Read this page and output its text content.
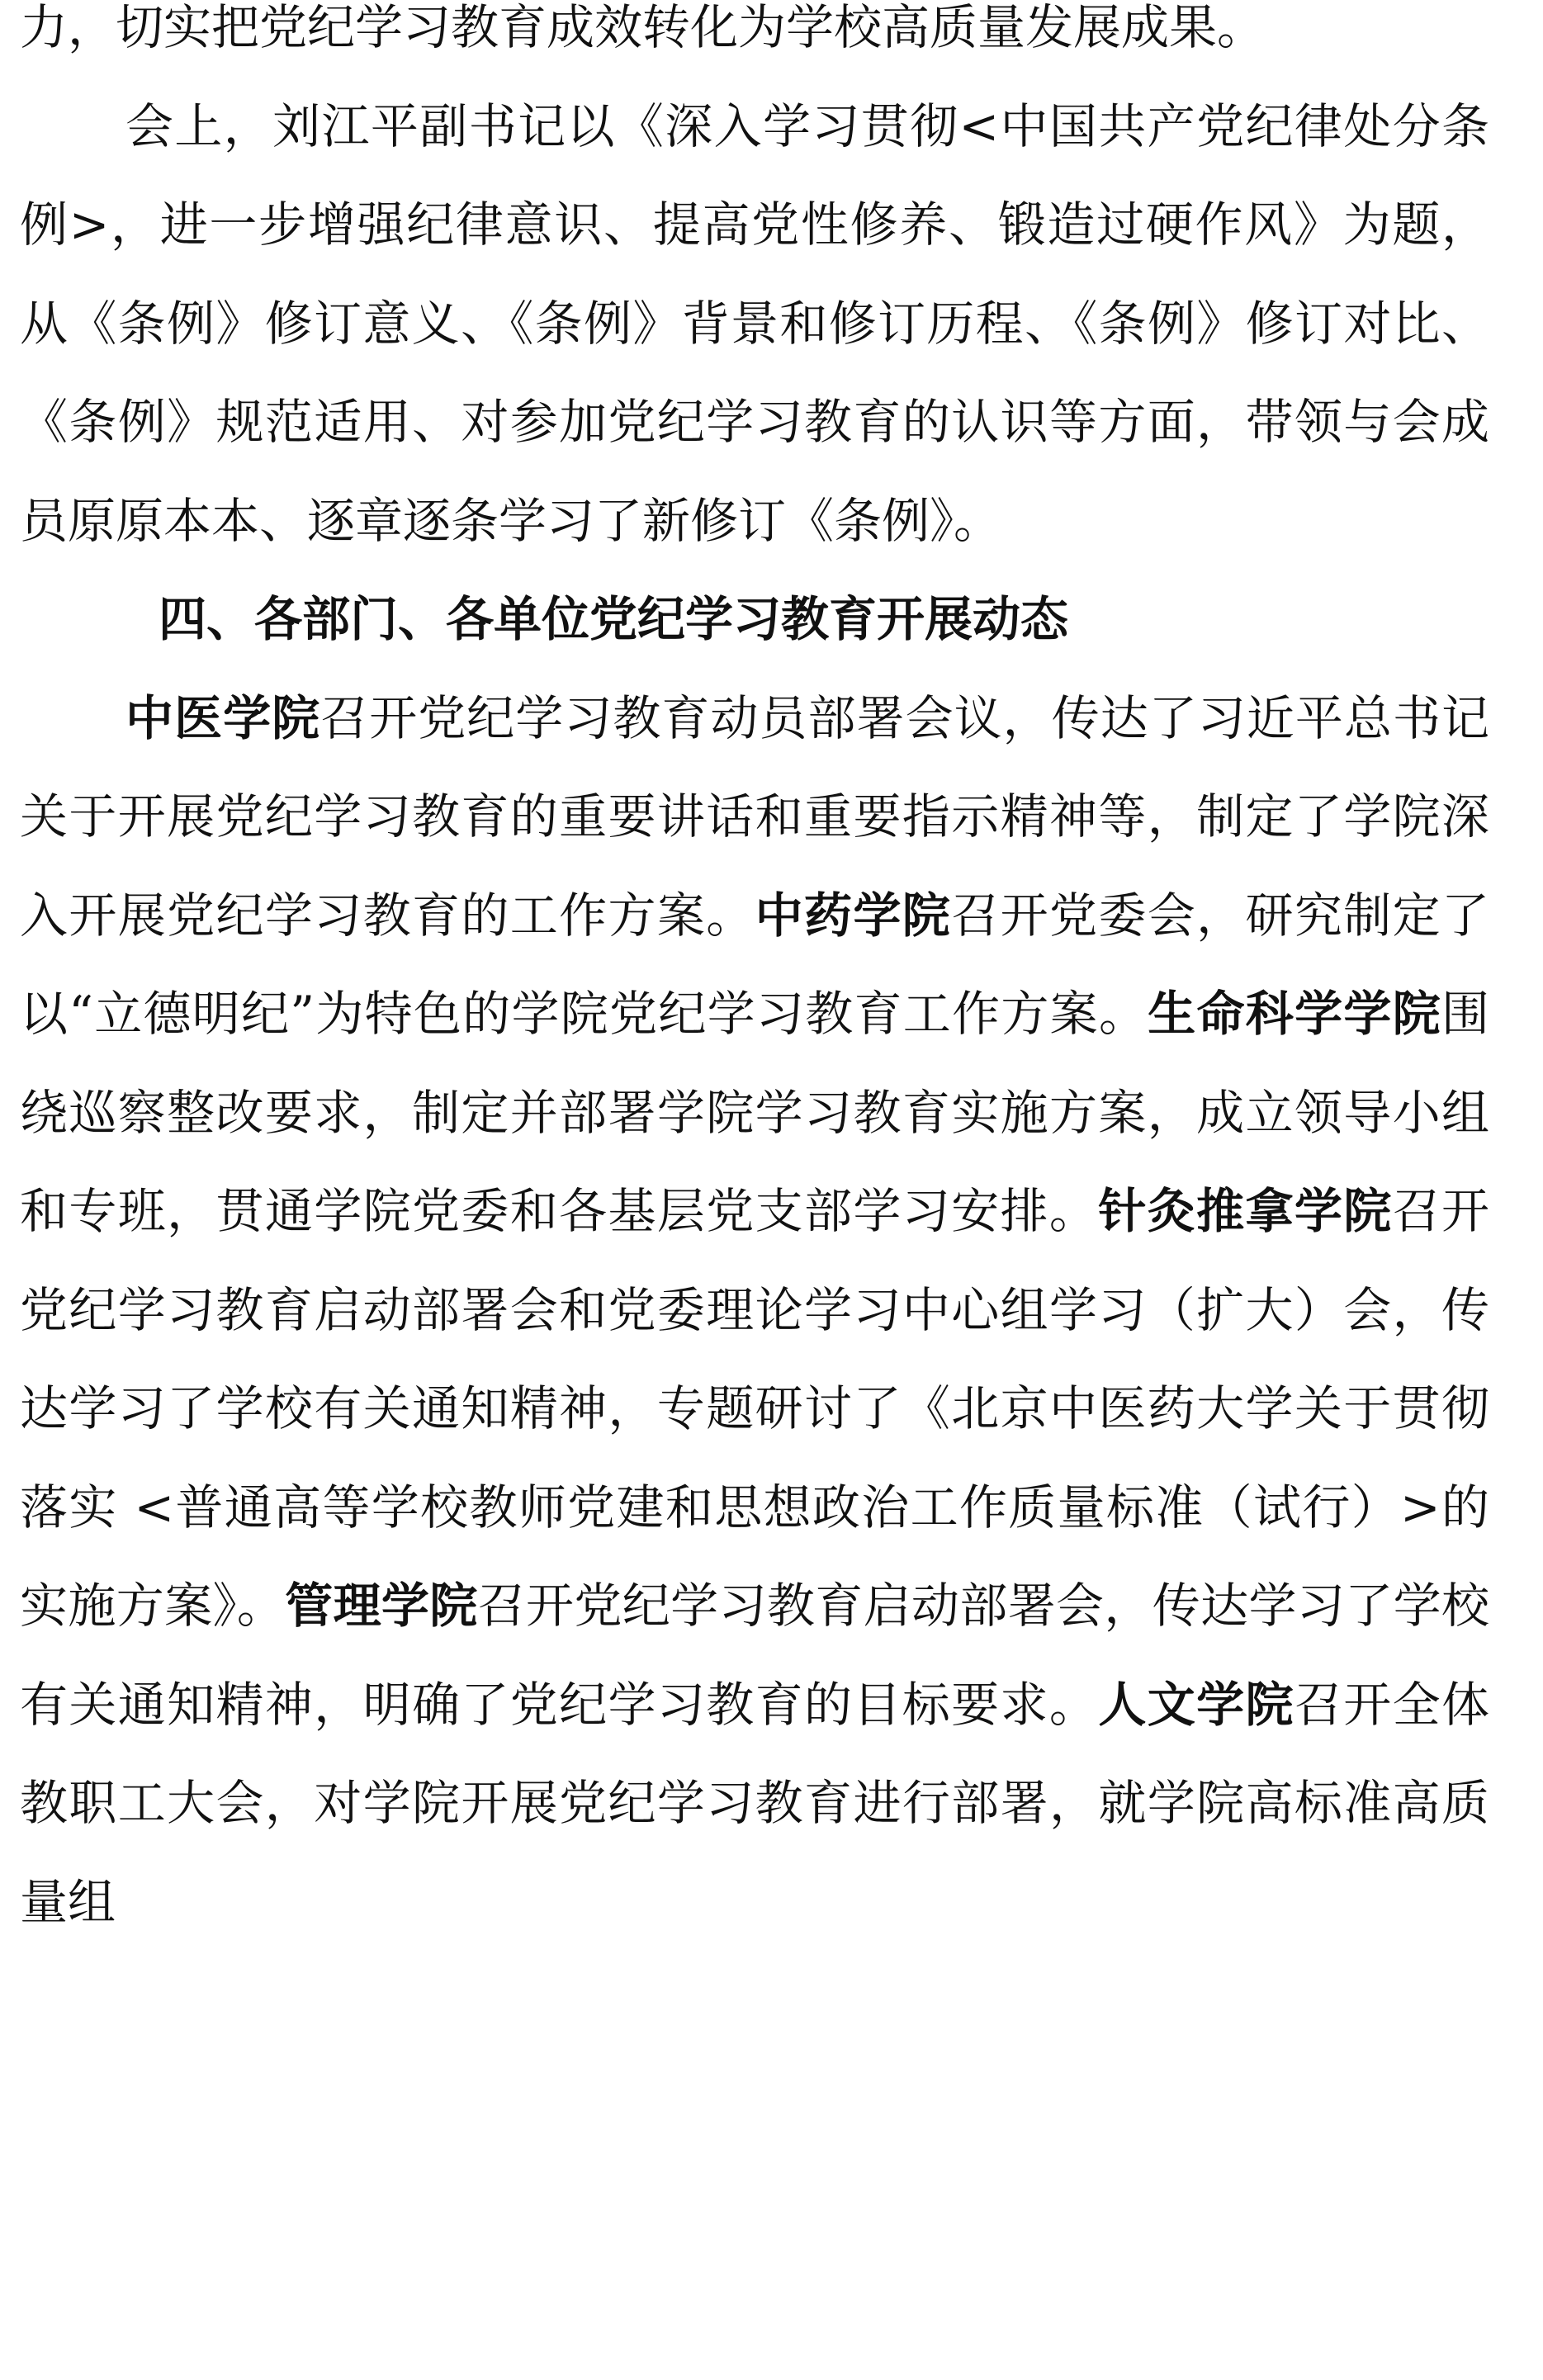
力，切实把党纪学习教育成效转化为学校高质量发展成果。

会上，刘江平副书记以《深入学习贯彻<中国共产党纪律处分条例>，进一步增强纪律意识、提高党性修养、锻造过硬作风》为题，从《条例》修订意义、《条例》背景和修订历程、《条例》修订对比、《条例》规范适用、对参加党纪学习教育的认识等方面，带领与会成员原原本本、逐章逐条学习了新修订《条例》。

四、各部门、各单位党纪学习教育开展动态

中医学院召开党纪学习教育动员部署会议，传达了习近平总书记关于开展党纪学习教育的重要讲话和重要指示精神等，制定了学院深入开展党纪学习教育的工作方案。中药学院召开党委会，研究制定了以“立德明纪”为特色的学院党纪学习教育工作方案。生命科学学院围绕巡察整改要求，制定并部署学院学习教育实施方案，成立领导小组和专班，贯通学院党委和各基层党支部学习安排。针灸推拿学院召开党纪学习教育启动部署会和党委理论学习中心组学习（扩大）会，传达学习了学校有关通知精神，专题研讨了《北京中医药大学关于贯彻落实 <普通高等学校教师党建和思想政治工作质量标准（试行）>的实施方案》。管理学院召开党纪学习教育启动部署会，传达学习了学校有关通知精神，明确了党纪学习教育的目标要求。人文学院召开全体教职工大会，对学院开展党纪学习教育进行部署，就学院高标准高质量组
